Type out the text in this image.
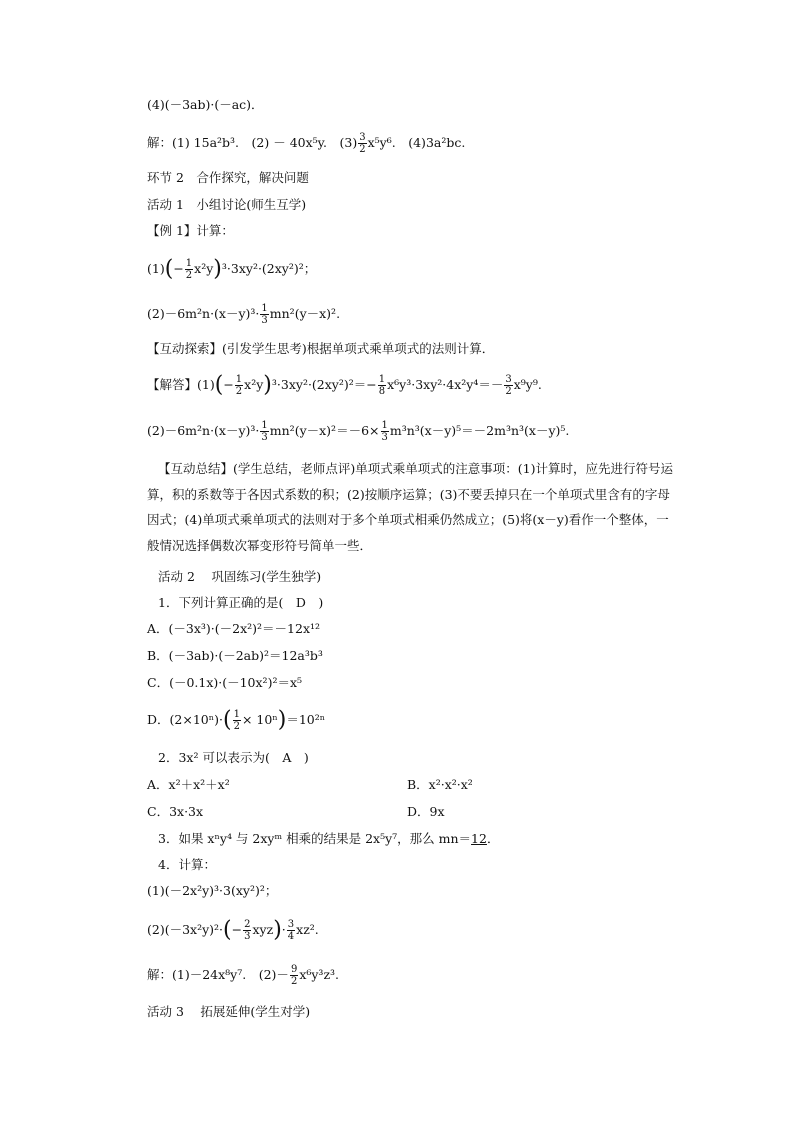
(4)(－3ab)·(－ac)．
解：(1) 15a²b³.　(2) － 40x⁵y.　$(3) \frac{3}{2} x^5y^6$.　(4)3a²bc.
环节 2　合作探究，解决问题
活动 1　小组讨论(师生互学)
【例 1】计算：
$(1)(- \frac{1}{2} x^2y)^3\cdot 3xy^2\cdot(2xy^2)^2$；
$(2)-6m^2n\cdot(x-y)^3\cdot \frac{1}{3} mn^2(y-x)^2$.
【互动探索】(引发学生思考)根据单项式乘单项式的法则计算．
【解答】$(1)(- \frac{1}{2} x^2y)^3\cdot 3xy^2\cdot(2xy^2)^2=- \frac{1}{8} x^6y^3\cdot 3xy^2\cdot 4x^2y^4=- \frac{3}{2} x^9y^9$.
$(2)-6m^2n\cdot(x-y)^3\cdot \frac{1}{3} mn^2(y-x)^2=-6\times \frac{1}{3} m^3n^3(x-y)^5=-2m^3n^3(x-y)^5$.
【互动总结】(学生总结，老师点评)单项式乘单项式的注意事项：(1)计算时，应先进行符号运算，积的系数等于各因式系数的积；(2)按顺序运算；(3)不要丢掉只在一个单项式里含有的字母因式；(4)单项式乘单项式的法则对于多个单项式相乘仍然成立；(5)将(x－y)看作一个整体，一般情况选择偶数次幂变形符号简单一些．
活动 2　 巩固练习(学生独学)
1．下列计算正确的是(　D　)
A．(－3x³)·(－2x²)²＝－12x¹²
B．(－3ab)·(－2ab)²＝12a³b³
C．(－0.1x)·(－10x²)²＝x⁵
D．$(2\times 10^n)\cdot( \frac{1}{2} \times 10^n)=10^{2n}$
2．3x² 可以表示为(　A　)
A．x²＋x²＋x²	B．x²·x²·x²
C．3x·3x	D．9x
3．如果 xⁿy⁴ 与 2xyᵐ 相乘的结果是 2x⁵y⁷，那么 mn＝12．
4．计算：
(1)(－2x²y)³·3(xy²)²；
$(2)(-3x^2y)^2\cdot(- \frac{2}{3} xyz)\cdot \frac{3}{4} xz^2$.
解：(1)－24x⁸y⁷.　$(2)- \frac{9}{2} x^6y^3z^3$.
活动 3　 拓展延伸(学生对学)
